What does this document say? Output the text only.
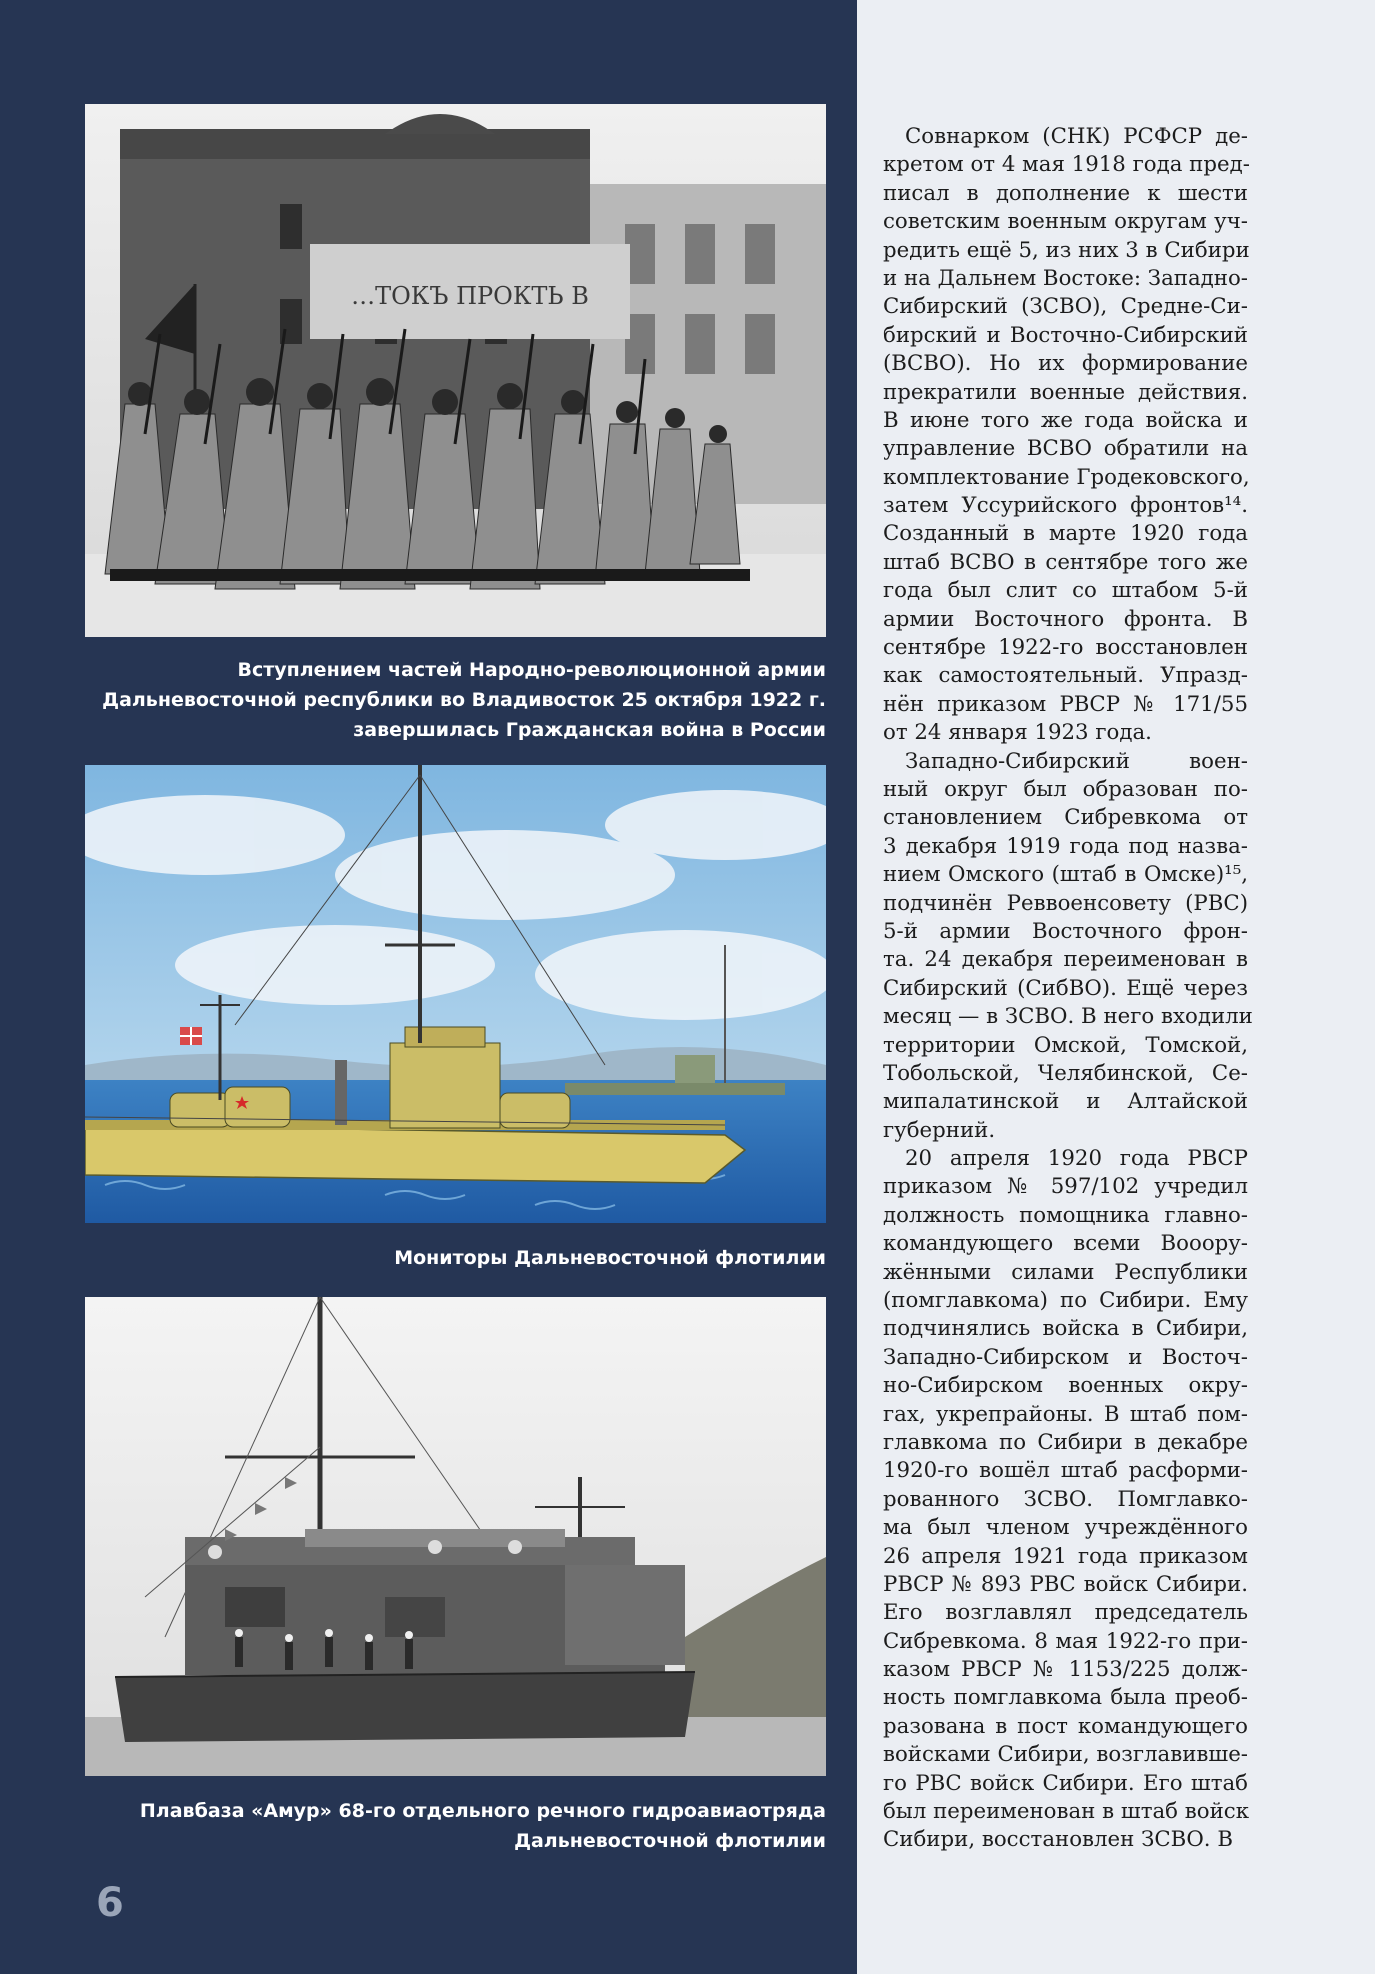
…ТОКЪ ПРОКТЬ В
Вступлением частей Народно-революционной армии
Дальневосточной республики во Владивосток 25 октября 1922 г.
завершилась Гражданская война в России
Мониторы Дальневосточной флотилии
Плавбаза «Амур» 68-го отдельного речного гидроавиаотряда
Дальневосточной флотилии
6
Совнарком (СНК) РСФСР де-
кретом от 4 мая 1918 года пред-
писал в дополнение к шести
советским военным округам уч-
редить ещё 5, из них 3 в Сибири
и на Дальнем Востоке: Западно-
Сибирский (ЗСВО), Средне-Си-
бирский и Восточно-Сибирский
(ВСВО). Но их формирование
прекратили военные действия.
В июне того же года войска и
управление ВСВО обратили на
комплектование Гродековского,
затем Уссурийского фронтов¹⁴.
Созданный в марте 1920 года
штаб ВСВО в сентябре того же
года был слит со штабом 5-й
армии Восточного фронта. В
сентябре 1922-го восстановлен
как самостоятельный. Упразд-
нён приказом РВСР № 171/55
от 24 января 1923 года.
Западно-Сибирский воен-
ный округ был образован по-
становлением Сибревкома от
3 декабря 1919 года под назва-
нием Омского (штаб в Омске)¹⁵,
подчинён Реввоенсовету (РВС)
5-й армии Восточного фрон-
та. 24 декабря переименован в
Сибирский (СибВО). Ещё через
месяц — в ЗСВО. В него входили
территории Омской, Томской,
Тобольской, Челябинской, Се-
мипалатинской и Алтайской
губерний.
20 апреля 1920 года РВСР
приказом № 597/102 учредил
должность помощника главно-
командующего всеми Вооору-
жёнными силами Республики
(помглавкома) по Сибири. Ему
подчинялись войска в Сибири,
Западно-Сибирском и Восточ-
но-Сибирском военных окру-
гах, укрепрайоны. В штаб пом-
главкома по Сибири в декабре
1920-го вошёл штаб расформи-
рованного ЗСВО. Помглавко-
ма был членом учреждённого
26 апреля 1921 года приказом
РВСР № 893 РВС войск Сибири.
Его возглавлял председатель
Сибревкома. 8 мая 1922-го при-
казом РВСР № 1153/225 долж-
ность помглавкома была преоб-
разована в пост командующего
войсками Сибири, возглавивше-
го РВС войск Сибири. Его штаб
был переименован в штаб войск
Сибири, восстановлен ЗСВО. В
